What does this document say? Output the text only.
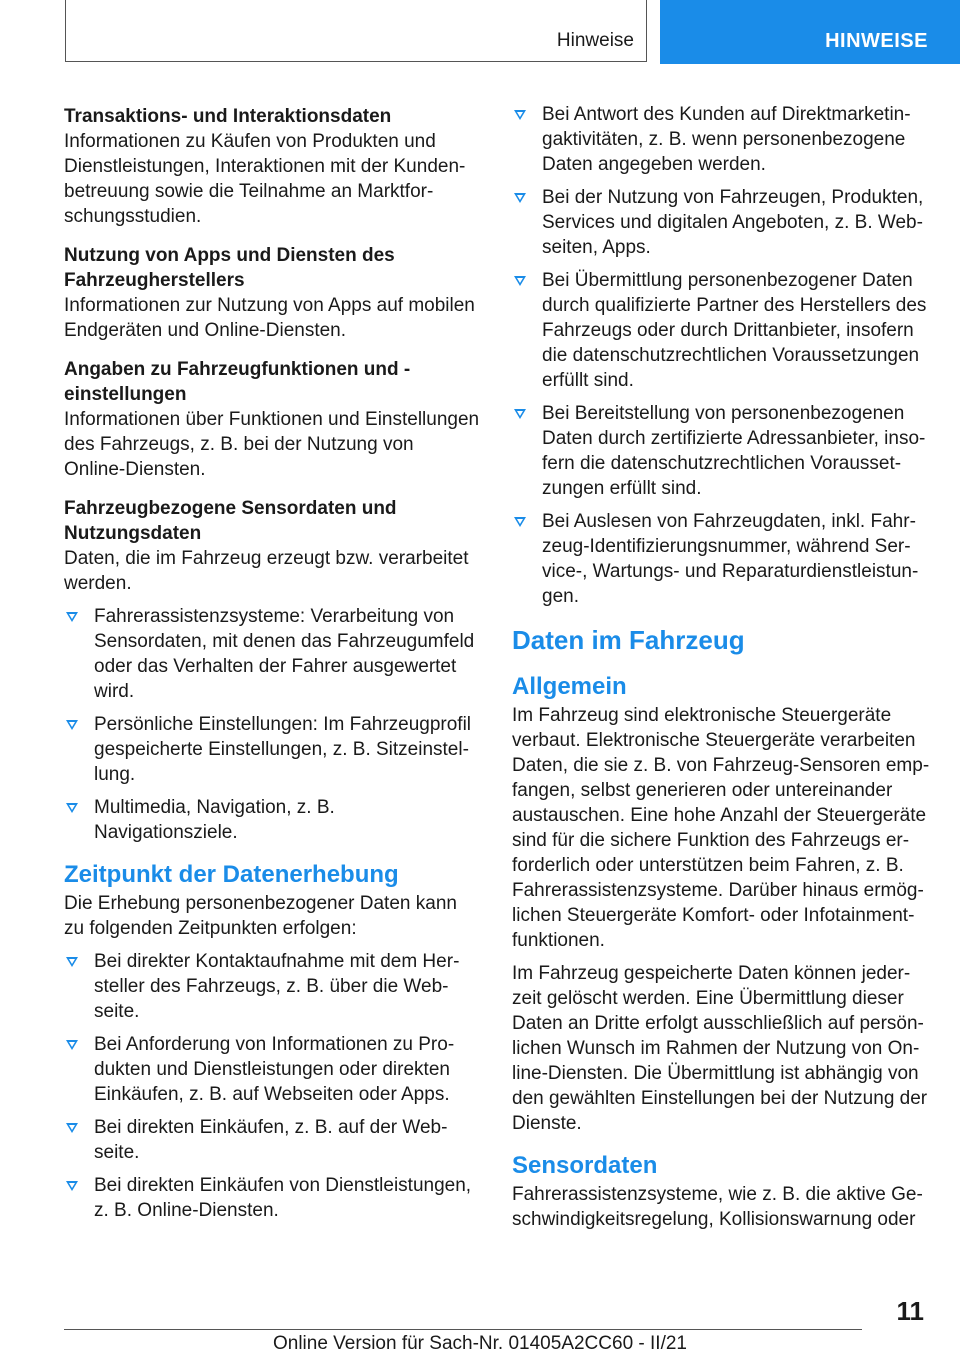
Hinweise	HINWEISE
Transaktions- und Interaktionsdaten

Informationen zu Käufen von Produkten und Dienstleistungen, Interaktionen mit der Kundenbetreuung sowie die Teilnahme an Marktforschungsstudien.

Nutzung von Apps und Diensten des Fahrzeugherstellers

Informationen zur Nutzung von Apps auf mobilen Endgeräten und Online-Diensten.

Angaben zu Fahrzeugfunktionen und -einstellungen

Informationen über Funktionen und Einstellungen des Fahrzeugs, z. B. bei der Nutzung von Online-Diensten.

Fahrzeugbezogene Sensordaten und Nutzungsdaten

Daten, die im Fahrzeug erzeugt bzw. verarbeitet werden.

Fahrerassistenzsysteme: Verarbeitung von Sensordaten, mit denen das Fahrzeugumfeld oder das Verhalten der Fahrer ausgewertet wird.
Persönliche Einstellungen: Im Fahrzeugprofil gespeicherte Einstellungen, z. B. Sitzeinstellung.
Multimedia, Navigation, z. B. Navigationsziele.
Zeitpunkt der Datenerhebung

Die Erhebung personenbezogener Daten kann zu folgenden Zeitpunkten erfolgen:

Bei direkter Kontaktaufnahme mit dem Hersteller des Fahrzeugs, z. B. über die Webseite.
Bei Anforderung von Informationen zu Produkten und Dienstleistungen oder direkten Einkäufen, z. B. auf Webseiten oder Apps.
Bei direkten Einkäufen, z. B. auf der Webseite.
Bei direkten Einkäufen von Dienstleistungen, z. B. Online-Diensten.
Bei Antwort des Kunden auf Direktmarketingaktivitäten, z. B. wenn personenbezogene Daten angegeben werden.
Bei der Nutzung von Fahrzeugen, Produkten, Services und digitalen Angeboten, z. B. Webseiten, Apps.
Bei Übermittlung personenbezogener Daten durch qualifizierte Partner des Herstellers des Fahrzeugs oder durch Drittanbieter, insofern die datenschutzrechtlichen Voraussetzungen erfüllt sind.
Bei Bereitstellung von personenbezogenen Daten durch zertifizierte Adressanbieter, insofern die datenschutzrechtlichen Voraussetzungen erfüllt sind.
Bei Auslesen von Fahrzeugdaten, inkl. Fahrzeug-Identifizierungsnummer, während Service-, Wartungs- und Reparaturdienstleistungen.
Daten im Fahrzeug
Allgemein

Im Fahrzeug sind elektronische Steuergeräte verbaut. Elektronische Steuergeräte verarbeiten Daten, die sie z. B. von Fahrzeug-Sensoren empfangen, selbst generieren oder untereinander austauschen. Eine hohe Anzahl der Steuergeräte sind für die sichere Funktion des Fahrzeugs erforderlich oder unterstützen beim Fahren, z. B. Fahrerassistenzsysteme. Darüber hinaus ermöglichen Steuergeräte Komfort- oder Infotainmentfunktionen.

Im Fahrzeug gespeicherte Daten können jederzeit gelöscht werden. Eine Übermittlung dieser Daten an Dritte erfolgt ausschließlich auf persönlichen Wunsch im Rahmen der Nutzung von Online-Diensten. Die Übermittlung ist abhängig von den gewählten Einstellungen bei der Nutzung der Dienste.

Sensordaten

Fahrerassistenzsysteme, wie z. B. die aktive Geschwindigkeitsregelung, Kollisionswarnung oder

11
Online Version für Sach-Nr. 01405A2CC60 - II/21
